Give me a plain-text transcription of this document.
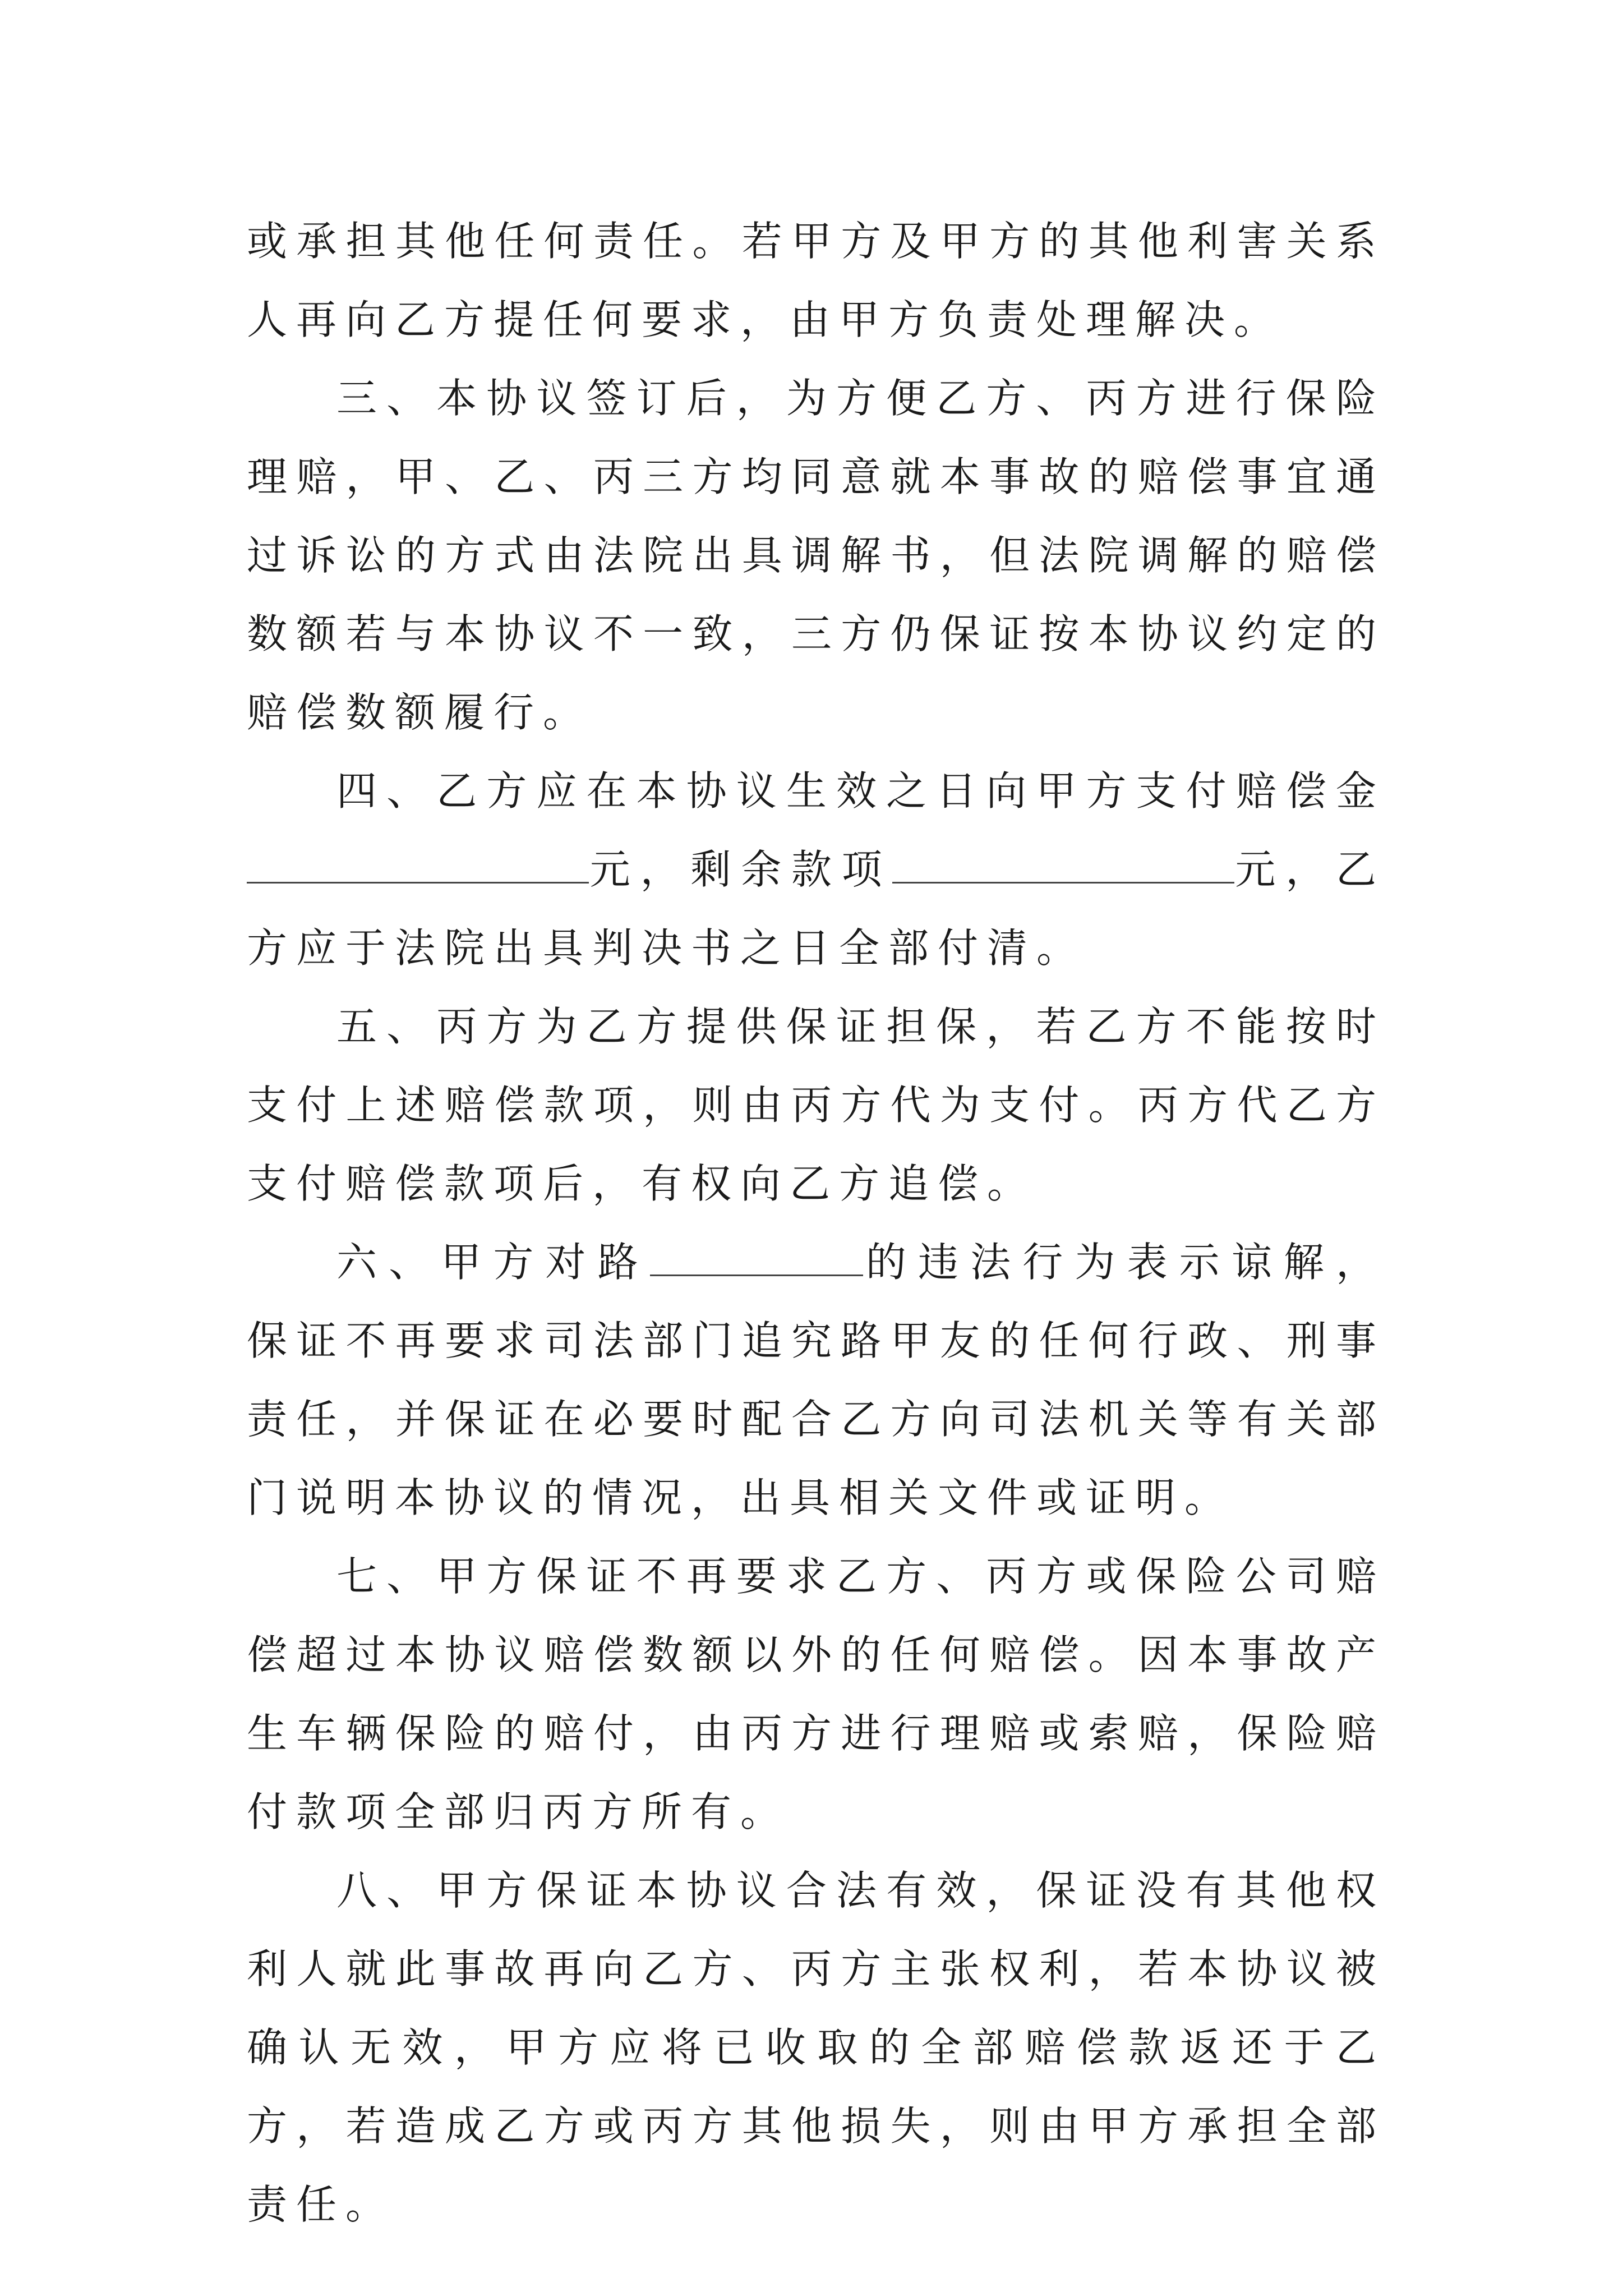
或承担其他任何责任。若甲方及甲方的其他利害关系人再向乙方提任何要求，由甲方负责处理解决。

三、本协议签订后，为方便乙方、丙方进行保险理赔，甲、乙、丙三方均同意就本事故的赔偿事宜通过诉讼的方式由法院出具调解书，但法院调解的赔偿数额若与本协议不一致，三方仍保证按本协议约定的赔偿数额履行。

四、乙方应在本协议生效之日向甲方支付赔偿金元，剩余款项	元，乙方应于法院出具判决书之日全部付清。

五、丙方为乙方提供保证担保，若乙方不能按时支付上述赔偿款项，则由丙方代为支付。丙方代乙方支付赔偿款项后，有权向乙方追偿。

六、甲方对路	的违法行为表示谅解，保证不再要求司法部门追究路甲友的任何行政、刑事责任，并保证在必要时配合乙方向司法机关等有关部门说明本协议的情况，出具相关文件或证明。

七、甲方保证不再要求乙方、丙方或保险公司赔偿超过本协议赔偿数额以外的任何赔偿。因本事故产生车辆保险的赔付，由丙方进行理赔或索赔，保险赔付款项全部归丙方所有。

八、甲方保证本协议合法有效，保证没有其他权利人就此事故再向乙方、丙方主张权利，若本协议被确认无效，甲方应将已收取的全部赔偿款返还于乙方，若造成乙方或丙方其他损失，则由甲方承担全部责任。
